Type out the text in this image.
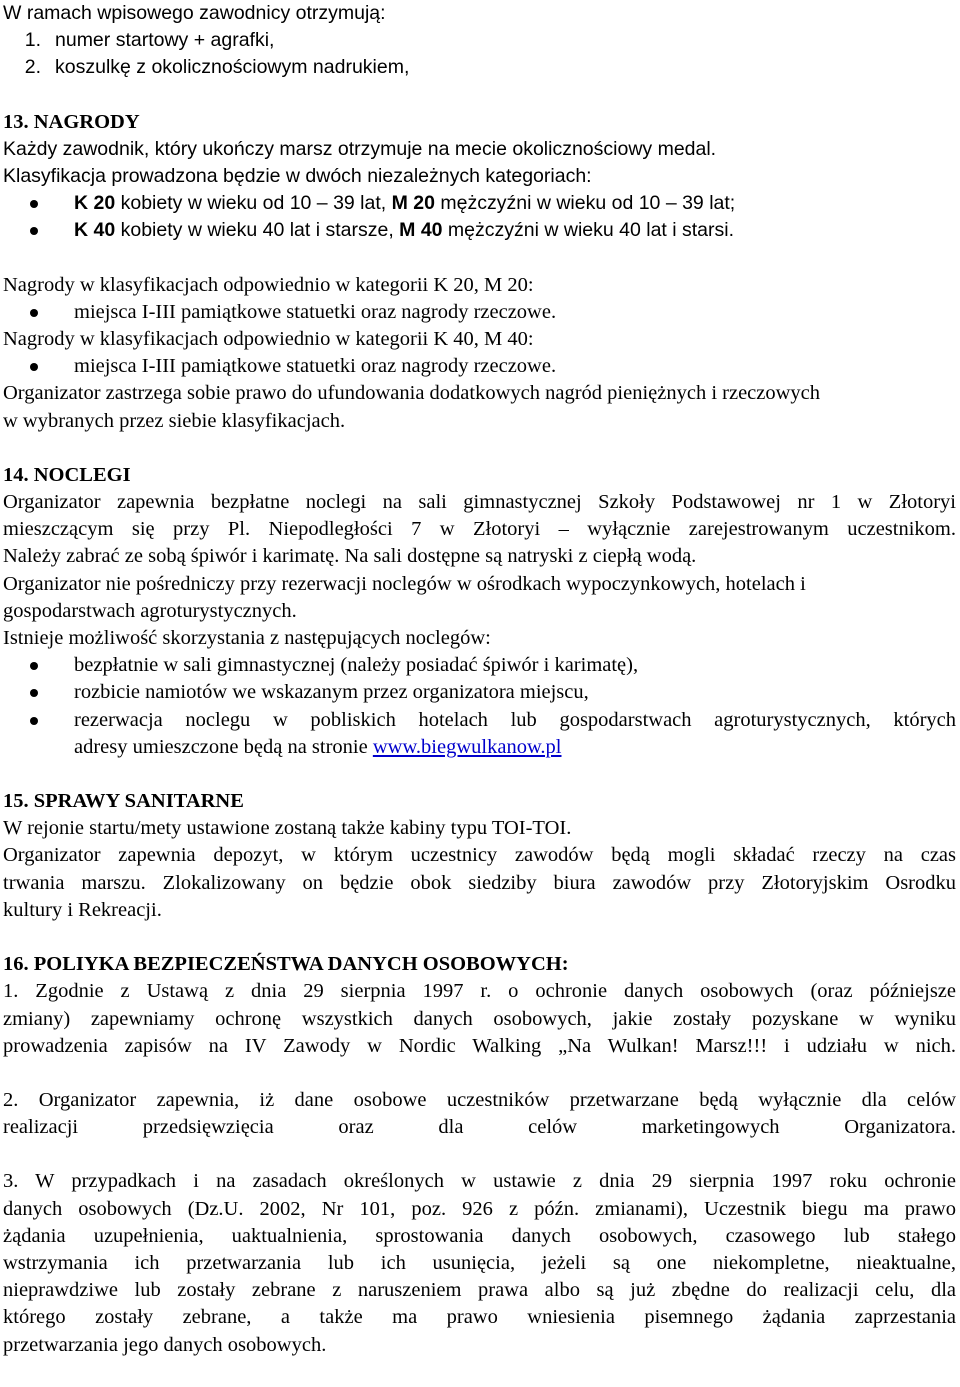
W ramach wpisowego zawodnicy otrzymują:

1. numer startowy + agrafki,
2. koszulkę z okolicznościowym nadrukiem,

13. NAGRODY

Każdy zawodnik, który ukończy marsz otrzymuje na mecie okolicznościowy medal.

Klasyfikacja prowadzona będzie w dwóch niezależnych kategoriach:

K 20 kobiety w wieku od 10 – 39 lat, M 20 mężczyźni w wieku od 10 – 39 lat;
K 40 kobiety w wieku 40 lat i starsze, M 40 mężczyźni w wieku 40 lat i starsi.

Nagrody w klasyfikacjach odpowiednio w kategorii K 20, M 20:

miejsca I-III pamiątkowe statuetki oraz nagrody rzeczowe.

Nagrody w klasyfikacjach odpowiednio w kategorii K 40, M 40:

miejsca I-III pamiątkowe statuetki oraz nagrody rzeczowe.

Organizator zastrzega sobie prawo do ufundowania dodatkowych nagród pieniężnych i rzeczowych

w wybranych przez siebie klasyfikacjach.

14. NOCLEGI

Organizator zapewnia bezpłatne noclegi na sali gimnastycznej Szkoły Podstawowej nr 1 w Złotoryi

mieszczącym się przy Pl. Niepodległości 7 w Złotoryi – wyłącznie zarejestrowanym uczestnikom.

Należy zabrać ze sobą śpiwór i karimatę. Na sali dostępne są natryski z ciepłą wodą.

Organizator nie pośredniczy przy rezerwacji noclegów w ośrodkach wypoczynkowych, hotelach i

gospodarstwach agroturystycznych.

Istnieje możliwość skorzystania z następujących noclegów:

bezpłatnie w sali gimnastycznej (należy posiadać śpiwór i karimatę),
rozbicie namiotów we wskazanym przez organizatora miejscu,
rezerwacja noclegu w pobliskich hotelach lub gospodarstwach agroturystycznych, których
adresy umieszczone będą na stronie www.biegwulkanow.pl

15. SPRAWY SANITARNE

W rejonie startu/mety ustawione zostaną także kabiny typu TOI-TOI.

Organizator zapewnia depozyt, w którym uczestnicy zawodów będą mogli składać rzeczy na czas

trwania marszu. Zlokalizowany on będzie obok siedziby biura zawodów przy Złotoryjskim Osrodku

kultury i Rekreacji.

16. POLIYKA BEZPIECZEŃSTWA DANYCH OSOBOWYCH:

1. Zgodnie z Ustawą z dnia 29 sierpnia 1997 r. o ochronie danych osobowych (oraz późniejsze

zmiany) zapewniamy ochronę wszystkich danych osobowych, jakie zostały pozyskane w wyniku

prowadzenia zapisów na IV Zawody w Nordic Walking „Na Wulkan! Marsz!!! i udziału w nich.

2. Organizator zapewnia, iż dane osobowe uczestników przetwarzane będą wyłącznie dla celów

realizacji przedsięwzięcia oraz dla celów marketingowych Organizatora.

3. W przypadkach i na zasadach określonych w ustawie z dnia 29 sierpnia 1997 roku ochronie

danych osobowych (Dz.U. 2002, Nr 101, poz. 926 z późn. zmianami), Uczestnik biegu ma prawo

żądania uzupełnienia, uaktualnienia, sprostowania danych osobowych, czasowego lub stałego

wstrzymania ich przetwarzania lub ich usunięcia, jeżeli są one niekompletne, nieaktualne,

nieprawdziwe lub zostały zebrane z naruszeniem prawa albo są już zbędne do realizacji celu, dla

którego zostały zebrane, a także ma prawo wniesienia pisemnego żądania zaprzestania

przetwarzania jego danych osobowych.
